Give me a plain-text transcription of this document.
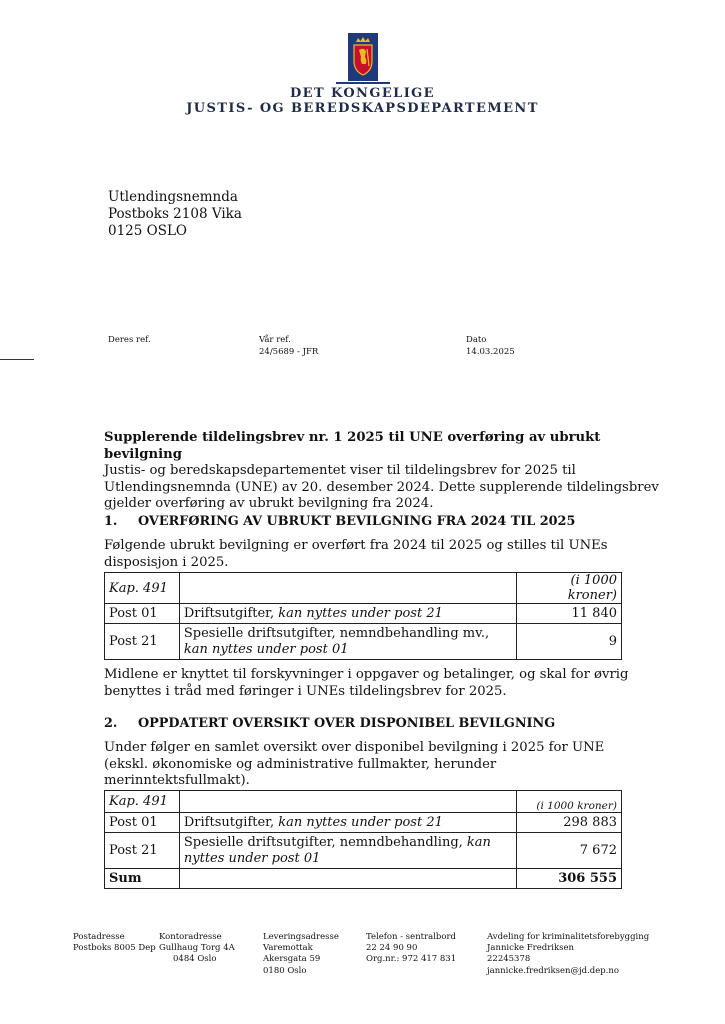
DET KONGELIGE
JUSTIS- OG BEREDSKAPSDEPARTEMENT
Utlendingsnemnda
Postboks 2108 Vika
0125 OSLO
Deres ref.	Vår ref.
24/5689 - JFR
Dato
14.03.2025
Supplerende tildelingsbrev nr. 1 2025 til UNE overføring av ubrukt bevilgning
Justis- og beredskapsdepartementet viser til tildelingsbrev for 2025 til Utlendingsnemnda (UNE) av 20. desember 2024. Dette supplerende tildelingsbrev gjelder overføring av ubrukt bevilgning fra 2024.
1. OVERFØRING AV UBRUKT BEVILGNING FRA 2024 TIL 2025
Følgende ubrukt bevilgning er overført fra 2024 til 2025 og stilles til UNEs disposisjon i 2025.
Kap. 491		(i 1000 kroner)
Post 01	Driftsutgifter, kan nyttes under post 21	11 840
Post 21	Spesielle driftsutgifter, nemndbehandling mv., kan nyttes under post 01	9
Midlene er knyttet til forskyvninger i oppgaver og betalinger, og skal for øvrig benyttes i tråd med føringer i UNEs tildelingsbrev for 2025.
2. OPPDATERT OVERSIKT OVER DISPONIBEL BEVILGNING
Under følger en samlet oversikt over disponibel bevilgning i 2025 for UNE (ekskl. økonomiske og administrative fullmakter, herunder merinntektsfullmakt).
Kap. 491		(i 1000 kroner)
Post 01	Driftsutgifter, kan nyttes under post 21	298 883
Post 21	Spesielle driftsutgifter, nemndbehandling, kan nyttes under post 01	7 672
Sum		306 555
Postadresse
Postboks 8005 Dep
Kontoradresse
Gullhaug Torg 4A
0484 Oslo
Leveringsadresse
Varemottak
Akersgata 59
0180 Oslo
Telefon - sentralbord
22 24 90 90
Org.nr.: 972 417 831
Avdeling for kriminalitetsforebygging
Jannicke Fredriksen
22245378
jannicke.fredriksen@jd.dep.no
